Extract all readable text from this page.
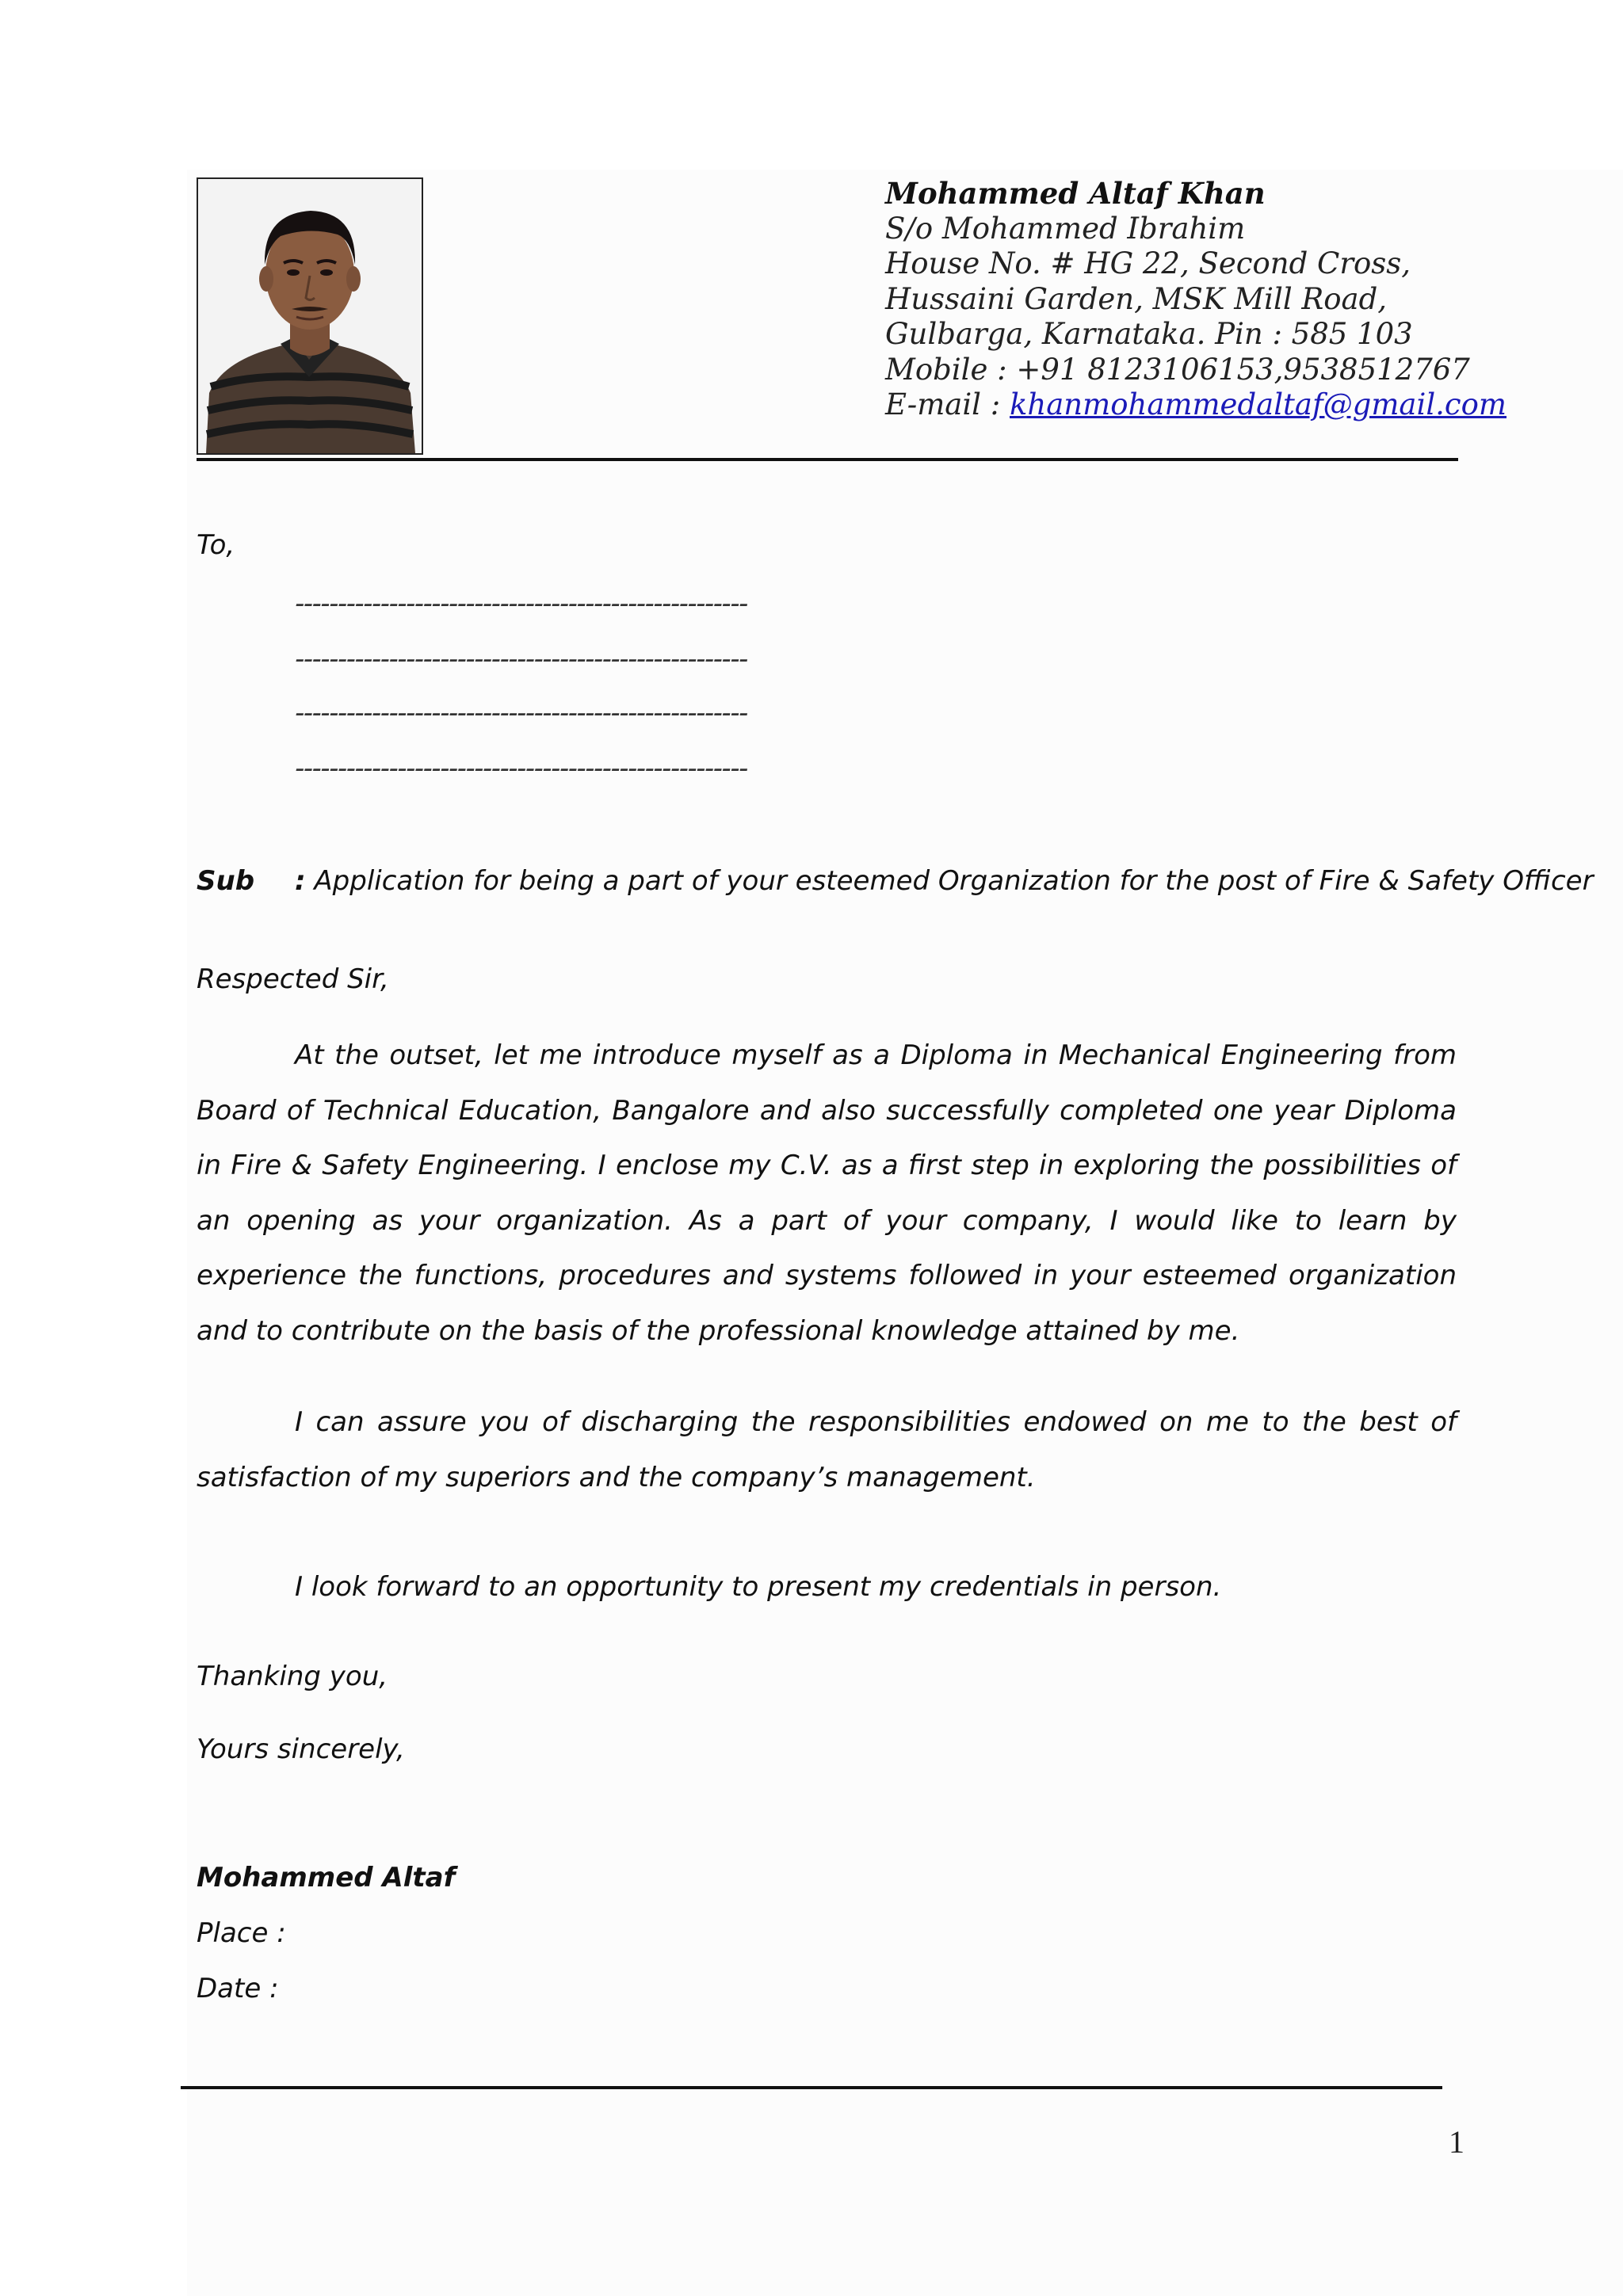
Mohammed Altaf Khan
S/o Mohammed Ibrahim
House No. # HG 22, Second Cross,
Hussaini Garden, MSK Mill Road,
Gulbarga, Karnataka. Pin : 585 103
Mobile : +91 8123106153,9538512767
E-mail : khanmohammedaltaf@gmail.com
To,
-----------------------------------------------------
-----------------------------------------------------
-----------------------------------------------------
-----------------------------------------------------
Sub : Application for being a part of your esteemed Organization for the post of Fire & Safety Officer
Respected Sir,
At the outset, let me introduce myself as a Diploma in Mechanical Engineering from Board of Technical Education, Bangalore and also successfully completed one year Diploma in Fire & Safety Engineering. I enclose my C.V. as a first step in exploring the possibilities of an opening as your organization. As a part of your company, I would like to learn by experience the functions, procedures and systems followed in your esteemed organization and to contribute on the basis of the professional knowledge attained by me.
I can assure you of discharging the responsibilities endowed on me to the best of satisfaction of my superiors and the company’s management.
I look forward to an opportunity to present my credentials in person.
Thanking you,
Yours sincerely,
Mohammed Altaf
Place :
Date :
1
